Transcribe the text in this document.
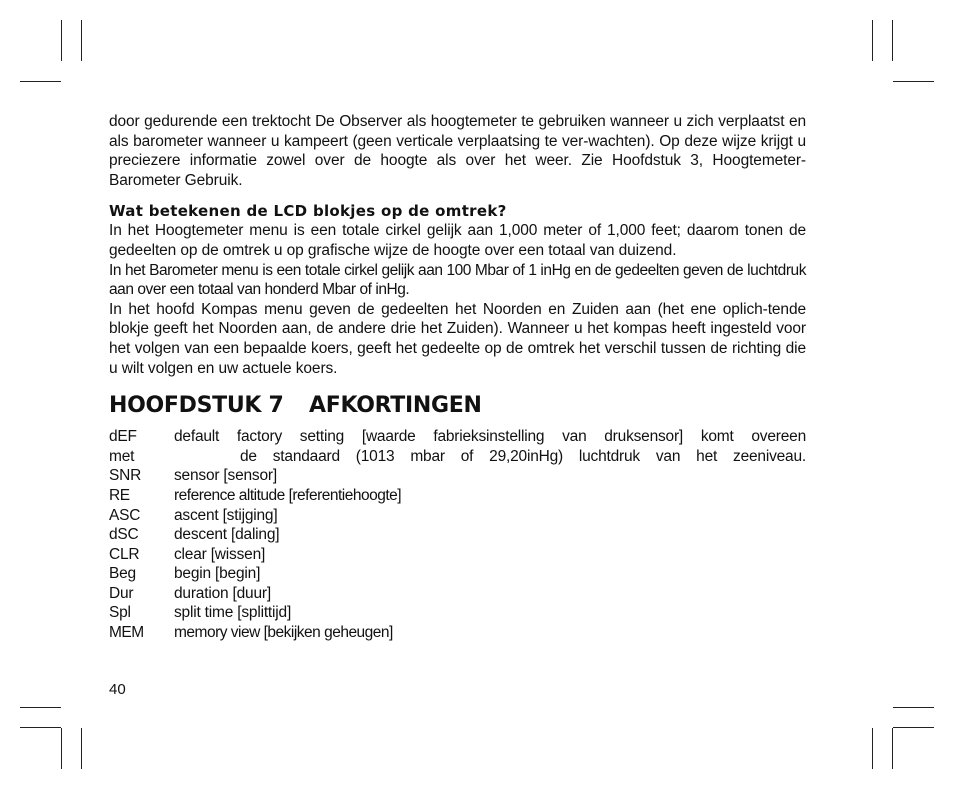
door gedurende een trektocht De Observer als hoogtemeter te gebruiken wanneer u zich verplaatst en als barometer wanneer u kampeert (geen verticale verplaatsing te ver-wachten). Op deze wijze krijgt u preciezere informatie zowel over de hoogte als over het weer. Zie Hoofdstuk 3, Hoogtemeter-Barometer Gebruik.

Wat betekenen de LCD blokjes op de omtrek?

In het Hoogtemeter menu is een totale cirkel gelijk aan 1,000 meter of 1,000 feet; daarom tonen de gedeelten op de omtrek u op grafische wijze de hoogte over een totaal van duizend.

In het Barometer menu is een totale cirkel gelijk aan 100 Mbar of 1 inHg en de gedeelten geven de luchtdruk aan over een totaal van honderd Mbar of inHg.

In het hoofd Kompas menu geven de gedeelten het Noorden en Zuiden aan (het ene oplich-tende blokje geeft het Noorden aan, de andere drie het Zuiden). Wanneer u het kompas heeft ingesteld voor het volgen van een bepaalde koers, geeft het gedeelte op de omtrek het verschil tussen de richting die u wilt volgen en uw actuele koers.

HOOFDSTUK 7 AFKORTINGEN
dEF	default factory setting [waarde fabrieksinstelling van druksensor] komt overeen
met	de standaard (1013 mbar of 29,20inHg) luchtdruk van het zeeniveau.
SNR	sensor [sensor]
RE	reference altitude [referentiehoogte]
ASC	ascent [stijging]
dSC	descent [daling]
CLR	clear [wissen]
Beg	begin [begin]
Dur	duration [duur]
Spl	split time [splittijd]
MEM	memory view [bekijken geheugen]
40
